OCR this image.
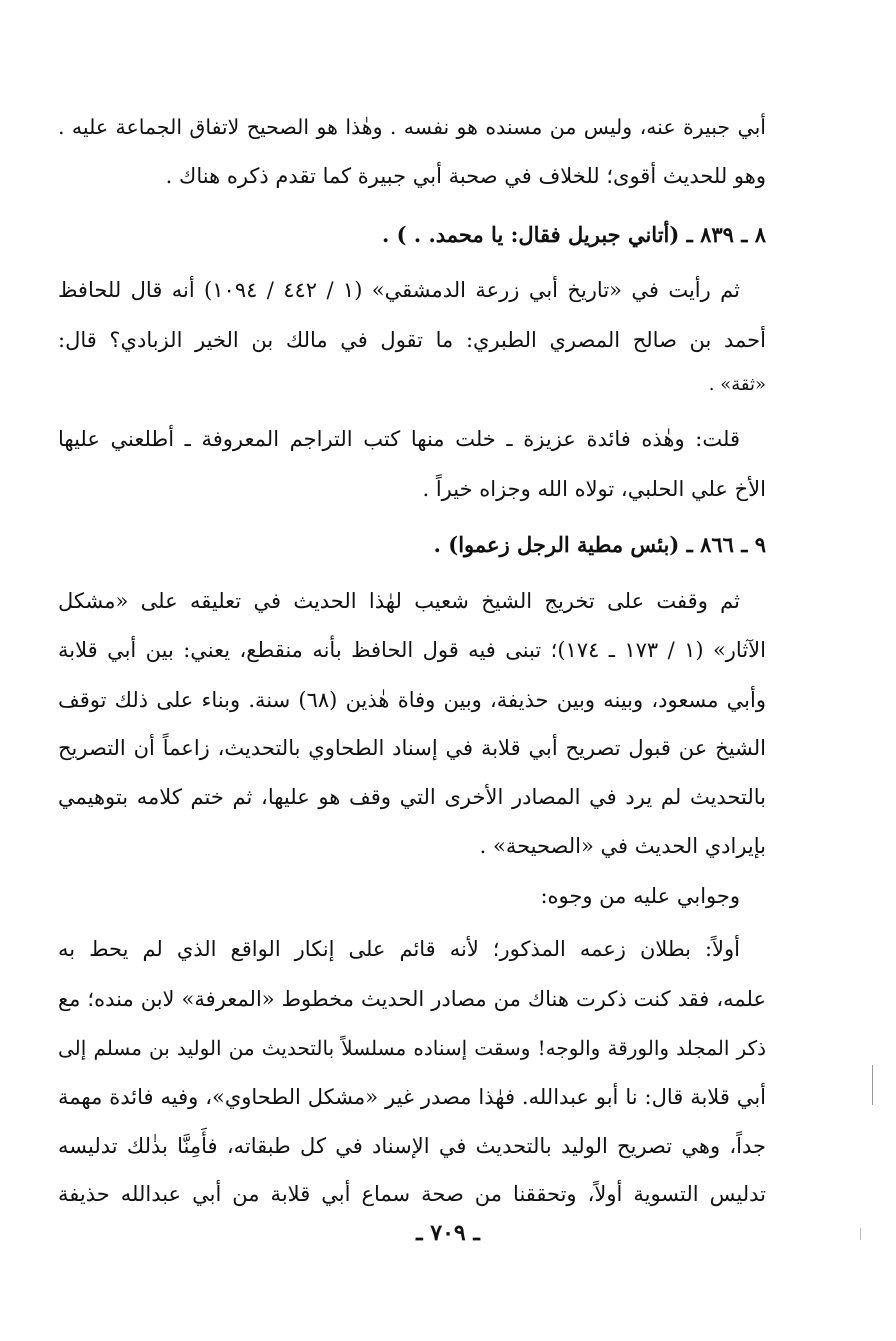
أبي جبيرة عنه، وليس من مسنده هو نفسه . وهٰذا هو الصحيح لاتفاق الجماعة عليه .
وهو للحديث أقوى؛ للخلاف في صحبة أبي جبيرة كما تقدم ذكره هناك .
٨ ـ ٨٣٩ ـ (أتاني جبريل فقال: يا محمد. . ) .
ثم رأيت في «تاريخ أبي زرعة الدمشقي» (١ / ٤٤٢ / ١٠٩٤) أنه قال للحافظ
أحمد بن صالح المصري الطبري: ما تقول في مالك بن الخير الزبادي؟ قال:
«ثقة» .
قلت: وهٰذه فائدة عزيزة ـ خلت منها كتب التراجم المعروفة ـ أطلعني عليها
الأخ علي الحلبي، تولاه الله وجزاه خيراً .
٩ ـ ٨٦٦ ـ (بئس مطية الرجل زعموا) .
ثم وقفت على تخريج الشيخ شعيب لهٰذا الحديث في تعليقه على «مشكل
الآثار» (١ / ١٧٣ ـ ١٧٤)؛ تبنى فيه قول الحافظ بأنه منقطع، يعني: بين أبي قلابة
وأبي مسعود، وبينه وبين حذيفة، وبين وفاة هٰذين (٦٨) سنة. وبناء على ذلك توقف
الشيخ عن قبول تصريح أبي قلابة في إسناد الطحاوي بالتحديث، زاعماً أن التصريح
بالتحديث لم يرد في المصادر الأخرى التي وقف هو عليها، ثم ختم كلامه بتوهيمي
بإيرادي الحديث في «الصحيحة» .
وجوابي عليه من وجوه:
أولاً: بطلان زعمه المذكور؛ لأنه قائم على إنكار الواقع الذي لم يحط به
علمه، فقد كنت ذكرت هناك من مصادر الحديث مخطوط «المعرفة» لابن منده؛ مع
ذكر المجلد والورقة والوجه! وسقت إسناده مسلسلاً بالتحديث من الوليد بن مسلم إلى
أبي قلابة قال: نا أبو عبدالله. فهٰذا مصدر غير «مشكل الطحاوي»، وفيه فائدة مهمة
جداً، وهي تصريح الوليد بالتحديث في الإسناد في كل طبقاته، فأَمِنَّا بذٰلك تدليسه
تدليس التسوية أولاً، وتحققنا من صحة سماع أبي قلابة من أبي عبدالله حذيفة
ـ ٧٠٩ ـ
